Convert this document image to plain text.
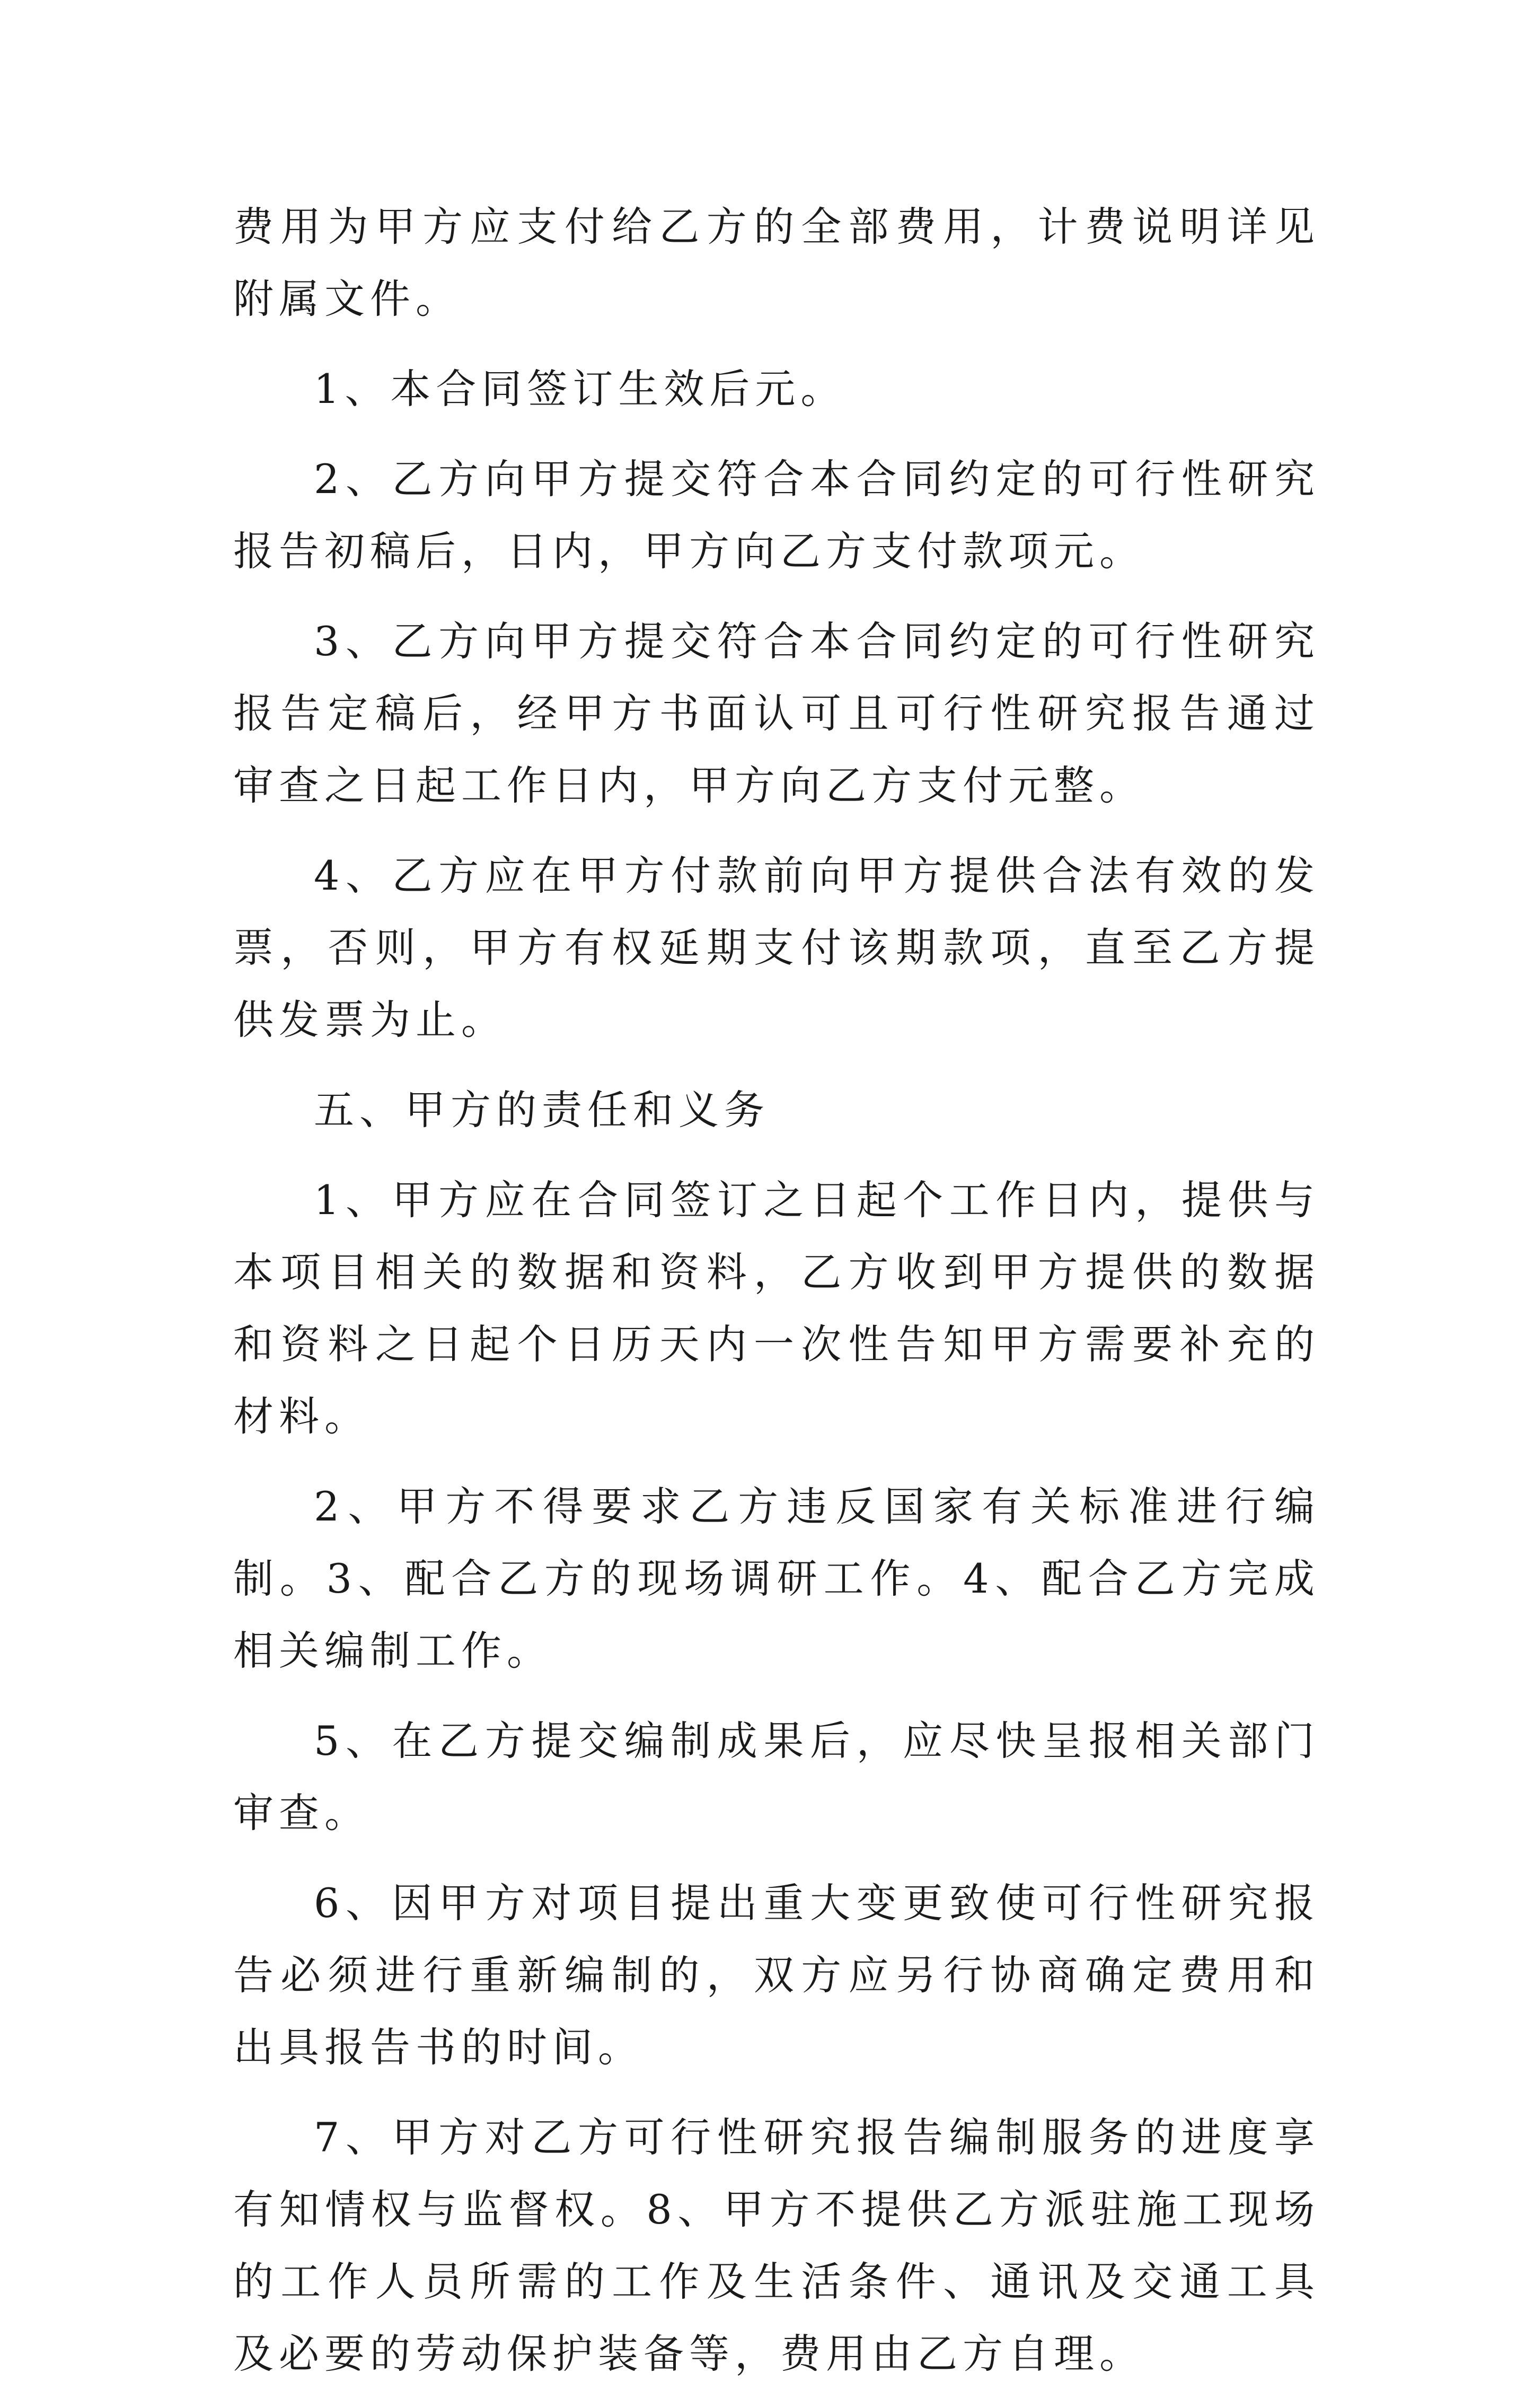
费用为甲方应支付给乙方的全部费用，计费说明详见附属文件。

1、本合同签订生效后元。

2、乙方向甲方提交符合本合同约定的可行性研究报告初稿后，日内，甲方向乙方支付款项元。

3、乙方向甲方提交符合本合同约定的可行性研究报告定稿后，经甲方书面认可且可行性研究报告通过审查之日起工作日内，甲方向乙方支付元整。

4、乙方应在甲方付款前向甲方提供合法有效的发票，否则，甲方有权延期支付该期款项，直至乙方提供发票为止。

五、甲方的责任和义务

1、甲方应在合同签订之日起个工作日内，提供与本项目相关的数据和资料，乙方收到甲方提供的数据和资料之日起个日历天内一次性告知甲方需要补充的材料。

2、甲方不得要求乙方违反国家有关标准进行编制。3、配合乙方的现场调研工作。4、配合乙方完成相关编制工作。

5、在乙方提交编制成果后，应尽快呈报相关部门审查。

6、因甲方对项目提出重大变更致使可行性研究报告必须进行重新编制的，双方应另行协商确定费用和出具报告书的时间。

7、甲方对乙方可行性研究报告编制服务的进度享有知情权与监督权。8、甲方不提供乙方派驻施工现场的工作人员所需的工作及生活条件、通讯及交通工具及必要的劳动保护装备等，费用由乙方自理。
